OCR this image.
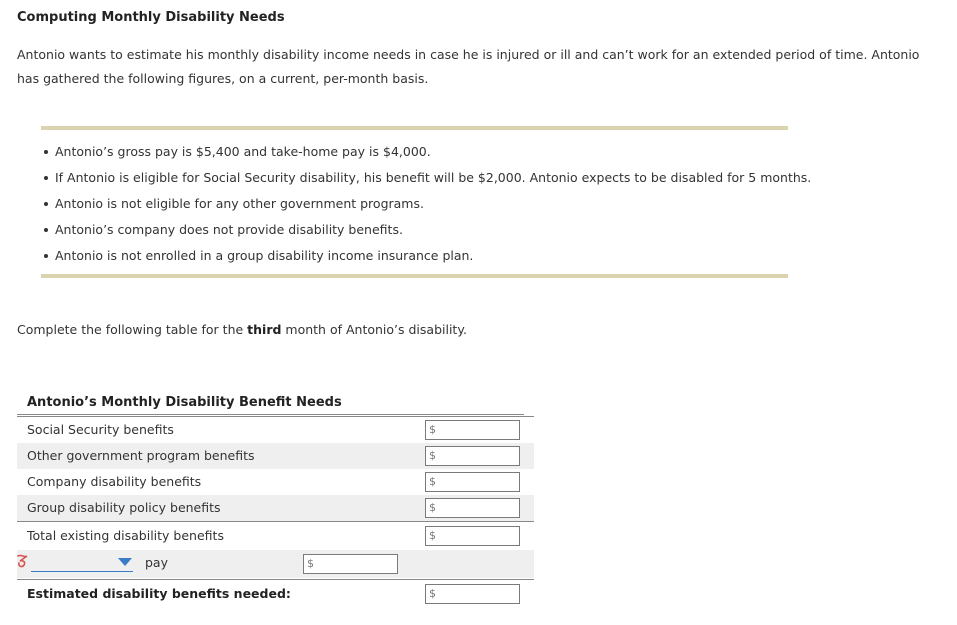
Computing Monthly Disability Needs
Antonio wants to estimate his monthly disability income needs in case he is injured or ill and can’t work for an extended period of time. Antonio has gathered the following figures, on a current, per-month basis.
Antonio’s gross pay is $5,400 and take-home pay is $4,000.
If Antonio is eligible for Social Security disability, his benefit will be $2,000. Antonio expects to be disabled for 5 months.
Antonio is not eligible for any other government programs.
Antonio’s company does not provide disability benefits.
Antonio is not enrolled in a group disability income insurance plan.
Complete the following table for the third month of Antonio’s disability.
Antonio’s Monthly Disability Benefit Needs
Social Security benefits	$
Other government program benefits	$
Company disability benefits	$
Group disability policy benefits	$
Total existing disability benefits	$
pay	$
Estimated disability benefits needed:	$
